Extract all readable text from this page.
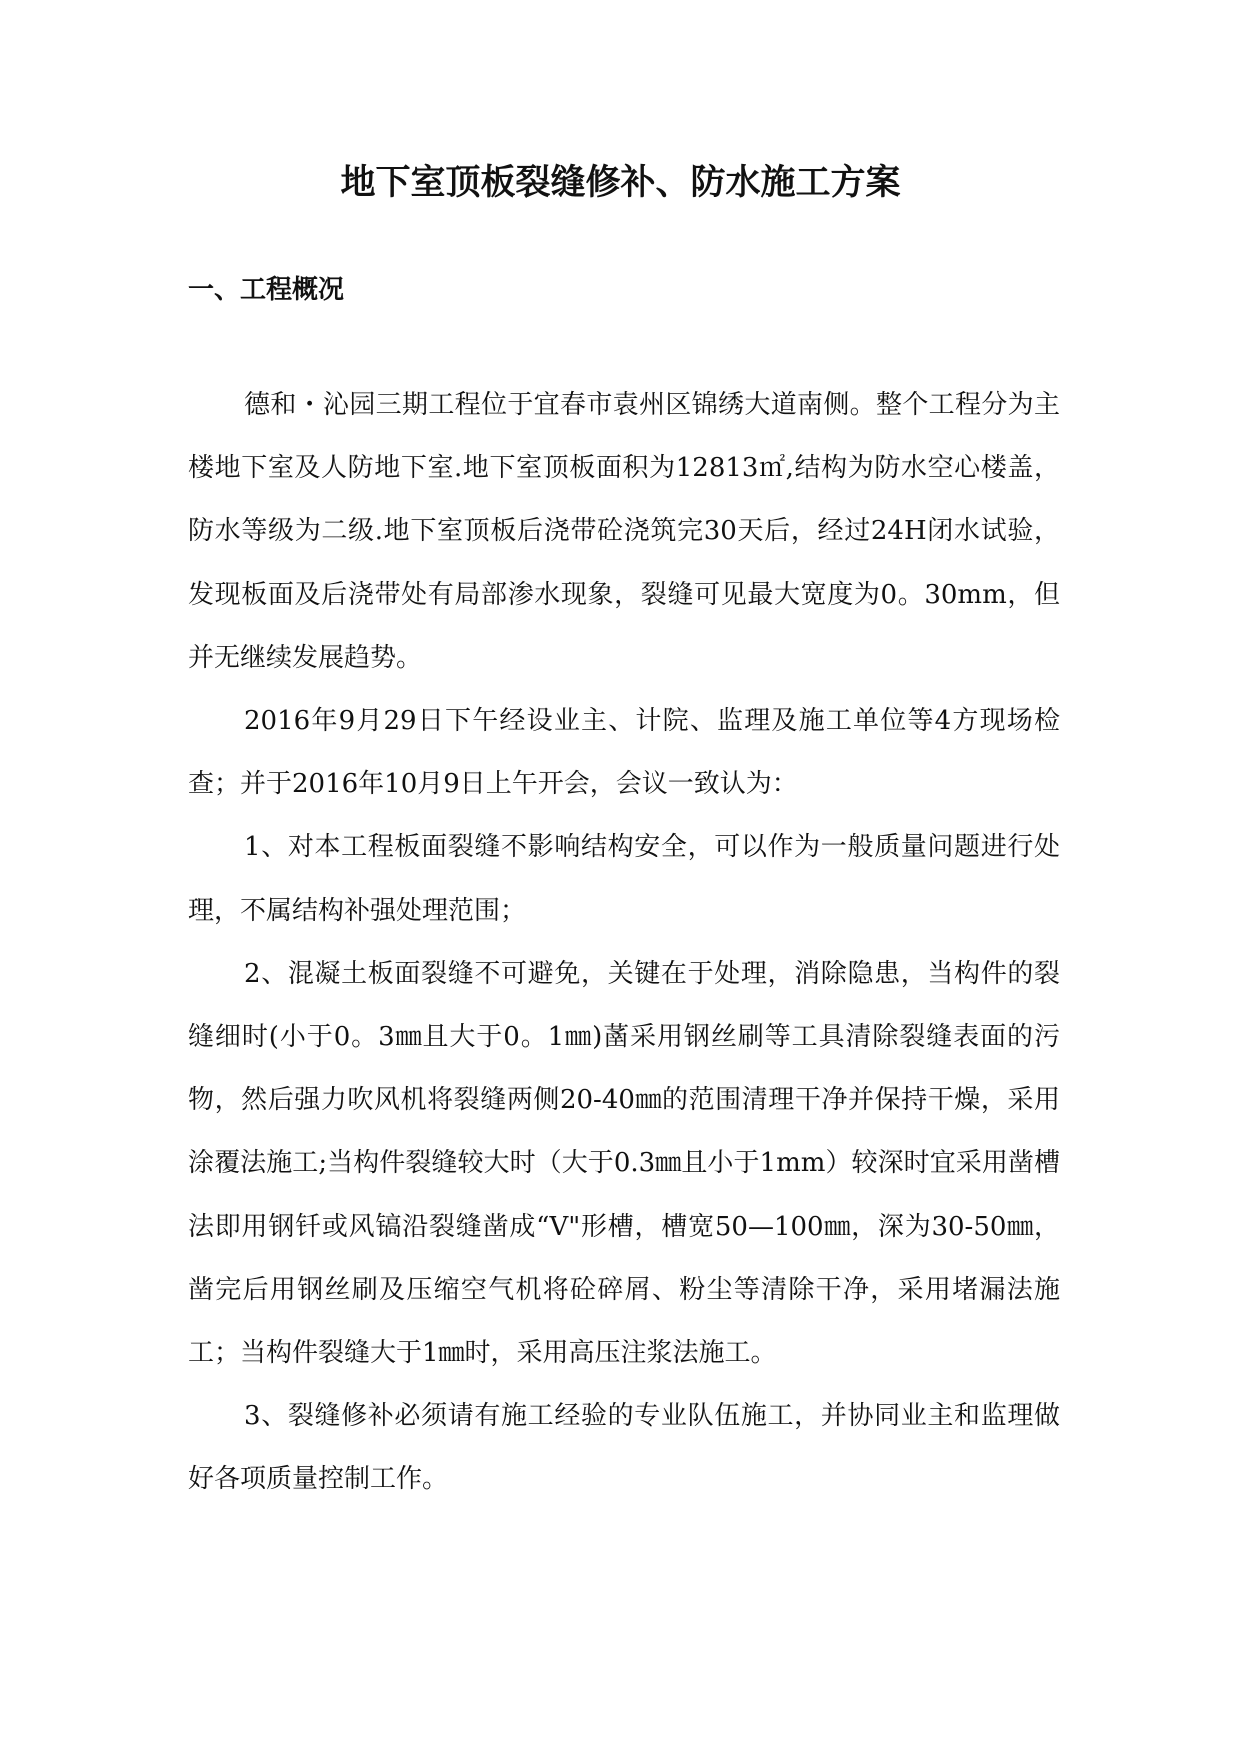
地下室顶板裂缝修补、防水施工方案
一、工程概况

德和・沁园三期工程位于宜春市袁州区锦绣大道南侧。整个工程分为主楼地下室及人防地下室.地下室顶板面积为12813㎡,结构为防水空心楼盖，防水等级为二级.地下室顶板后浇带砼浇筑完30天后，经过24H闭水试验，发现板面及后浇带处有局部渗水现象，裂缝可见最大宽度为0。30mm，但并无继续发展趋势。

2016年9月29日下午经设业主、计院、监理及施工单位等4方现场检查；并于2016年10月9日上午开会，会议一致认为：

1、对本工程板面裂缝不影响结构安全，可以作为一般质量问题进行处理，不属结构补强处理范围；

2、混凝土板面裂缝不可避免，关键在于处理，消除隐患，当构件的裂缝细时(小于0。3㎜且大于0。1㎜)䓿采用钢丝刷等工具清除裂缝表面的污物，然后强力吹风机将裂缝两侧20-40㎜的范围清理干净并保持干燥，采用涂覆法施工;当构件裂缝较大时（大于0.3㎜且小于1mm）较深时宜采用凿槽法即用钢钎或风镐沿裂缝凿成“V"形槽，槽宽50—100㎜，深为30-50㎜，凿完后用钢丝刷及压缩空气机将砼碎屑、粉尘等清除干净，采用堵漏法施工；当构件裂缝大于1㎜时，采用高压注浆法施工。

3、裂缝修补必须请有施工经验的专业队伍施工，并协同业主和监理做好各项质量控制工作。
